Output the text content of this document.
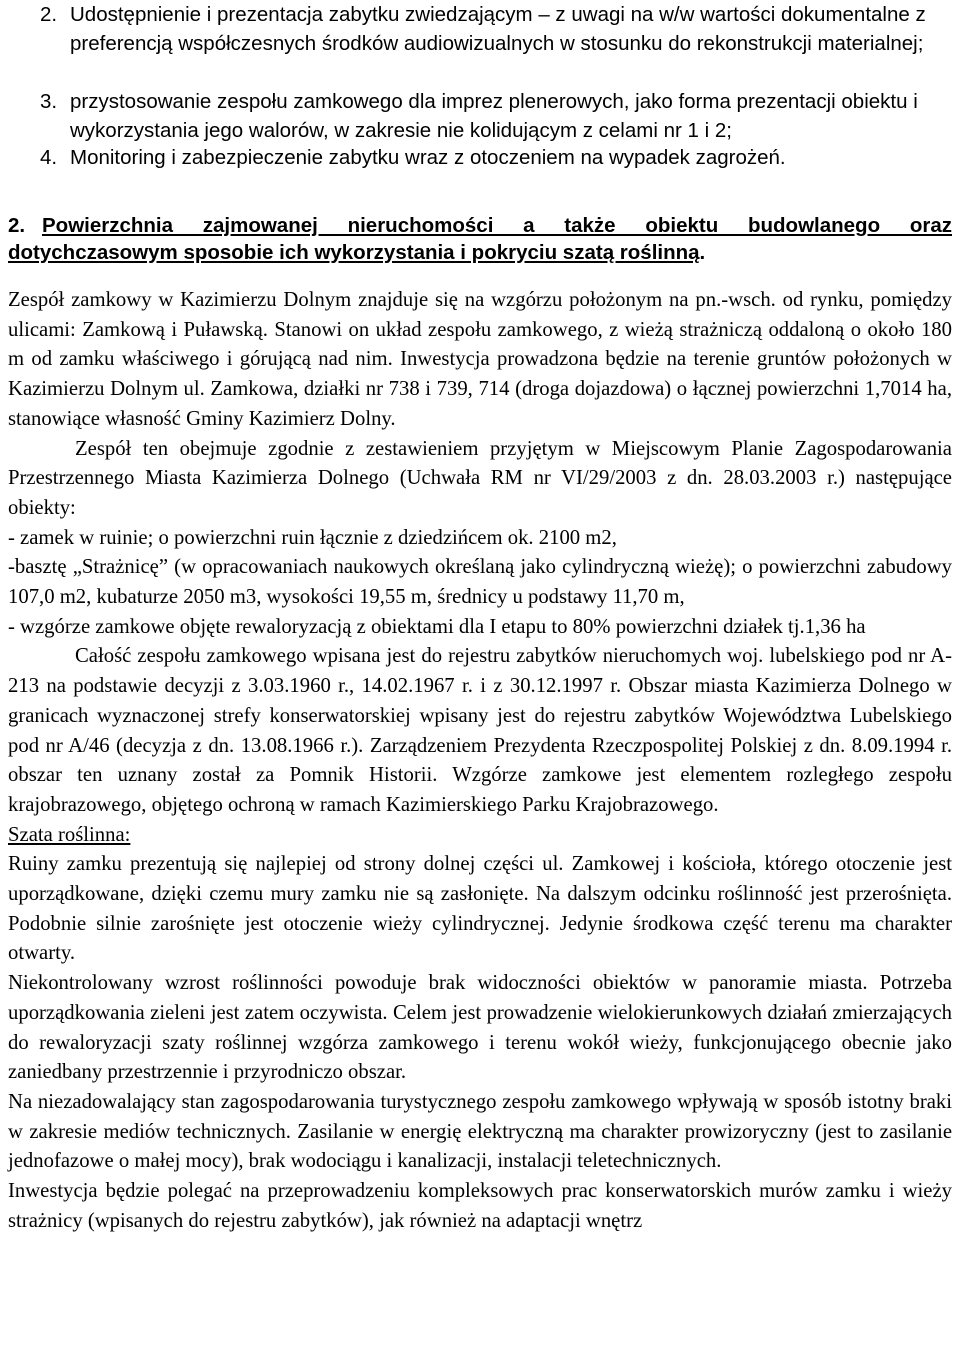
2. Udostępnienie i prezentacja zabytku zwiedzającym – z uwagi na w/w wartości dokumentalne z preferencją współczesnych środków audiowizualnych w stosunku do rekonstrukcji materialnej;
3. przystosowanie zespołu zamkowego dla imprez plenerowych, jako forma prezentacji obiektu i wykorzystania jego walorów, w zakresie nie kolidującym z celami nr 1 i 2;
4. Monitoring i zabezpieczenie zabytku wraz z otoczeniem na wypadek zagrożeń.
2. Powierzchnia zajmowanej nieruchomości a także obiektu budowlanego oraz dotychczasowym sposobie ich wykorzystania i pokryciu szatą roślinną.

Zespół zamkowy w Kazimierzu Dolnym znajduje się na wzgórzu położonym na pn.-wsch. od rynku, pomiędzy ulicami: Zamkową i Puławską. Stanowi on układ zespołu zamkowego, z wieżą strażniczą oddaloną o około 180 m od zamku właściwego i górującą nad nim. Inwestycja prowadzona będzie na terenie gruntów położonych w Kazimierzu Dolnym ul. Zamkowa, działki nr 738 i 739, 714 (droga dojazdowa) o łącznej powierzchni 1,7014 ha, stanowiące własność Gminy Kazimierz Dolny.

Zespół ten obejmuje zgodnie z zestawieniem przyjętym w Miejscowym Planie Zagospodarowania Przestrzennego Miasta Kazimierza Dolnego (Uchwała RM nr VI/29/2003 z dn. 28.03.2003 r.) następujące obiekty:

- zamek w ruinie; o powierzchni ruin łącznie z dziedzińcem ok. 2100 m2,

-basztę „Strażnicę” (w opracowaniach naukowych określaną jako cylindryczną wieżę); o powierzchni zabudowy 107,0 m2, kubaturze 2050 m3, wysokości 19,55 m, średnicy u podstawy 11,70 m,

- wzgórze zamkowe objęte rewaloryzacją z obiektami dla I etapu to 80% powierzchni działek tj.1,36 ha

Całość zespołu zamkowego wpisana jest do rejestru zabytków nieruchomych woj. lubelskiego pod nr A-213 na podstawie decyzji z 3.03.1960 r., 14.02.1967 r. i z 30.12.1997 r. Obszar miasta Kazimierza Dolnego w granicach wyznaczonej strefy konserwatorskiej wpisany jest do rejestru zabytków Województwa Lubelskiego pod nr A/46 (decyzja z dn. 13.08.1966 r.). Zarządzeniem Prezydenta Rzeczpospolitej Polskiej z dn. 8.09.1994 r. obszar ten uznany został za Pomnik Historii. Wzgórze zamkowe jest elementem rozległego zespołu krajobrazowego, objętego ochroną w ramach Kazimierskiego Parku Krajobrazowego.

Szata roślinna:

Ruiny zamku prezentują się najlepiej od strony dolnej części ul. Zamkowej i kościoła, którego otoczenie jest uporządkowane, dzięki czemu mury zamku nie są zasłonięte. Na dalszym odcinku roślinność jest przerośnięta. Podobnie silnie zarośnięte jest otoczenie wieży cylindrycznej. Jedynie środkowa część terenu ma charakter otwarty.

Niekontrolowany wzrost roślinności powoduje brak widoczności obiektów w panoramie miasta. Potrzeba uporządkowania zieleni jest zatem oczywista. Celem jest prowadzenie wielokierunkowych działań zmierzających do rewaloryzacji szaty roślinnej wzgórza zamkowego i terenu wokół wieży, funkcjonującego obecnie jako zaniedbany przestrzennie i przyrodniczo obszar.

Na niezadowalający stan zagospodarowania turystycznego zespołu zamkowego wpływają w sposób istotny braki w zakresie mediów technicznych. Zasilanie w energię elektryczną ma charakter prowizoryczny (jest to zasilanie jednofazowe o małej mocy), brak wodociągu i kanalizacji, instalacji teletechnicznych.

Inwestycja będzie polegać na przeprowadzeniu kompleksowych prac konserwatorskich murów zamku i wieży strażnicy (wpisanych do rejestru zabytków), jak również na adaptacji wnętrz
